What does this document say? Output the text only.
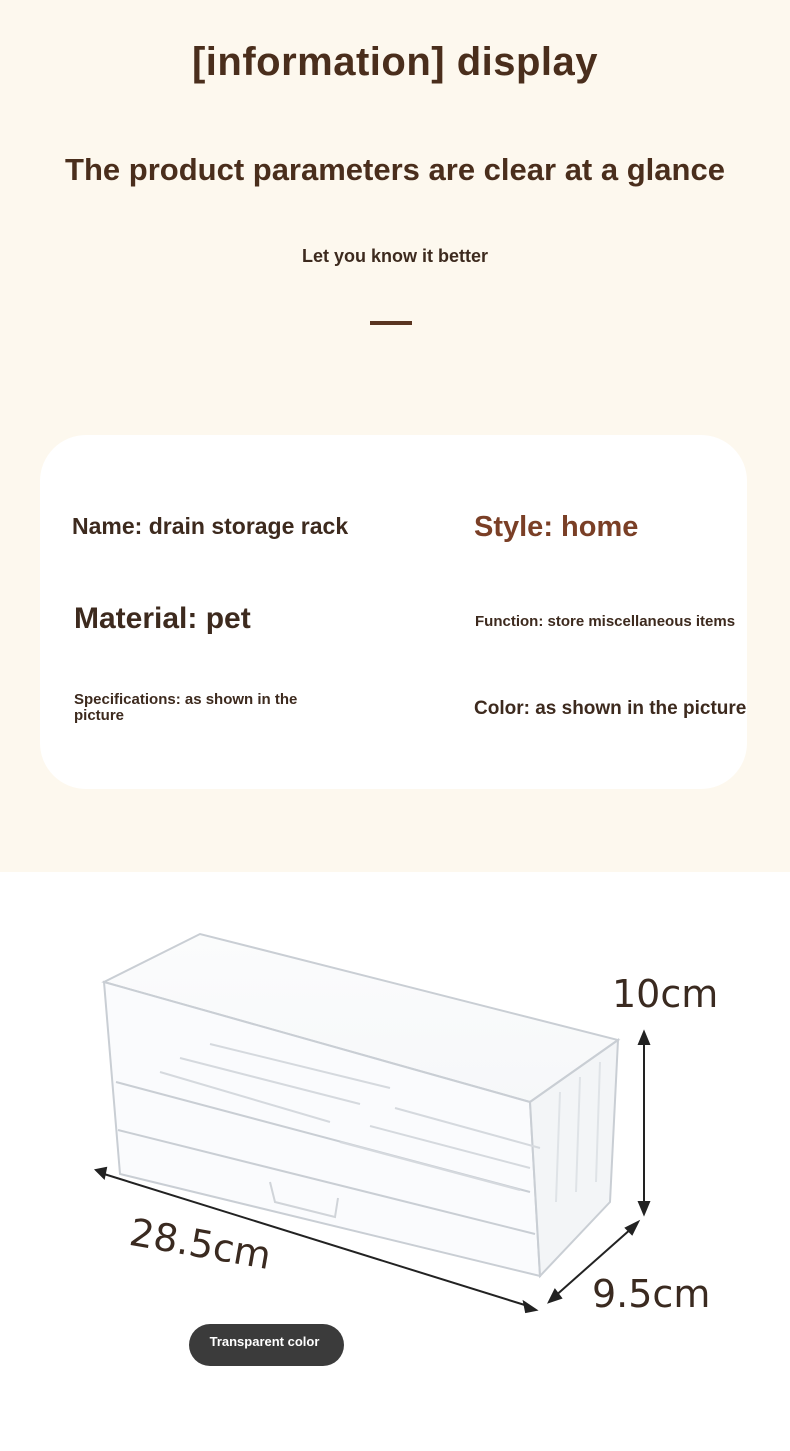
[information] display
The product parameters are clear at a glance
Let you know it better
Name: drain storage rack	Style: home
Material: pet	Function: store miscellaneous items
Specifications: as shown in the picture	Color: as shown in the picture
10cm
28.5cm
9.5cm
Transparent color
